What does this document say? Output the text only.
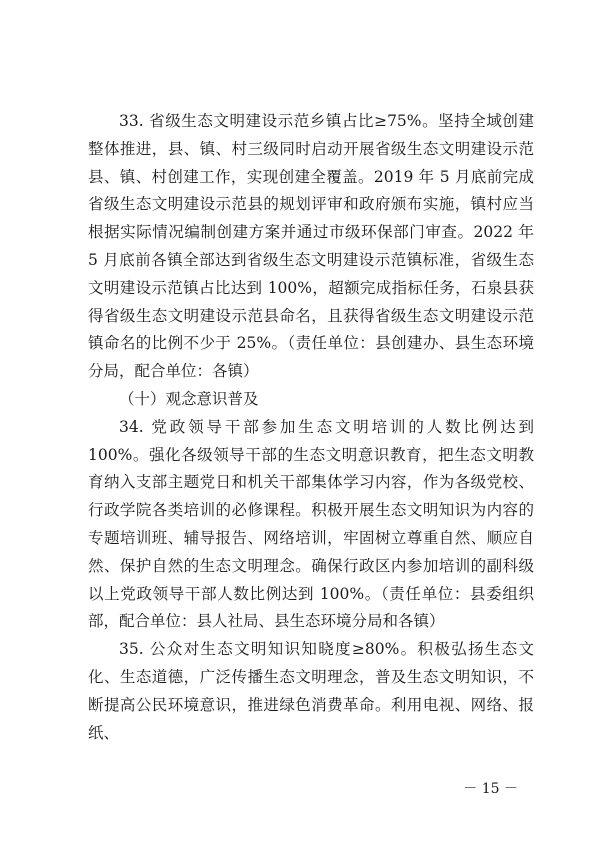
33. 省级生态文明建设示范乡镇占比≥75%。坚持全域创建整体推进，县、镇、村三级同时启动开展省级生态文明建设示范县、镇、村创建工作，实现创建全覆盖。2019 年 5 月底前完成省级生态文明建设示范县的规划评审和政府颁布实施，镇村应当根据实际情况编制创建方案并通过市级环保部门审查。2022 年 5 月底前各镇全部达到省级生态文明建设示范镇标准，省级生态文明建设示范镇占比达到 100%，超额完成指标任务，石泉县获得省级生态文明建设示范县命名，且获得省级生态文明建设示范镇命名的比例不少于 25%。（责任单位：县创建办、县生态环境分局，配合单位：各镇）

（十）观念意识普及

34. 党政领导干部参加生态文明培训的人数比例达到 100%。强化各级领导干部的生态文明意识教育，把生态文明教育纳入支部主题党日和机关干部集体学习内容，作为各级党校、行政学院各类培训的必修课程。积极开展生态文明知识为内容的专题培训班、辅导报告、网络培训，牢固树立尊重自然、顺应自然、保护自然的生态文明理念。确保行政区内参加培训的副科级以上党政领导干部人数比例达到 100%。（责任单位：县委组织部，配合单位：县人社局、县生态环境分局和各镇）

35. 公众对生态文明知识知晓度≥80%。积极弘扬生态文化、生态道德，广泛传播生态文明理念，普及生态文明知识，不断提高公民环境意识，推进绿色消费革命。利用电视、网络、报纸、

－ 15 －
